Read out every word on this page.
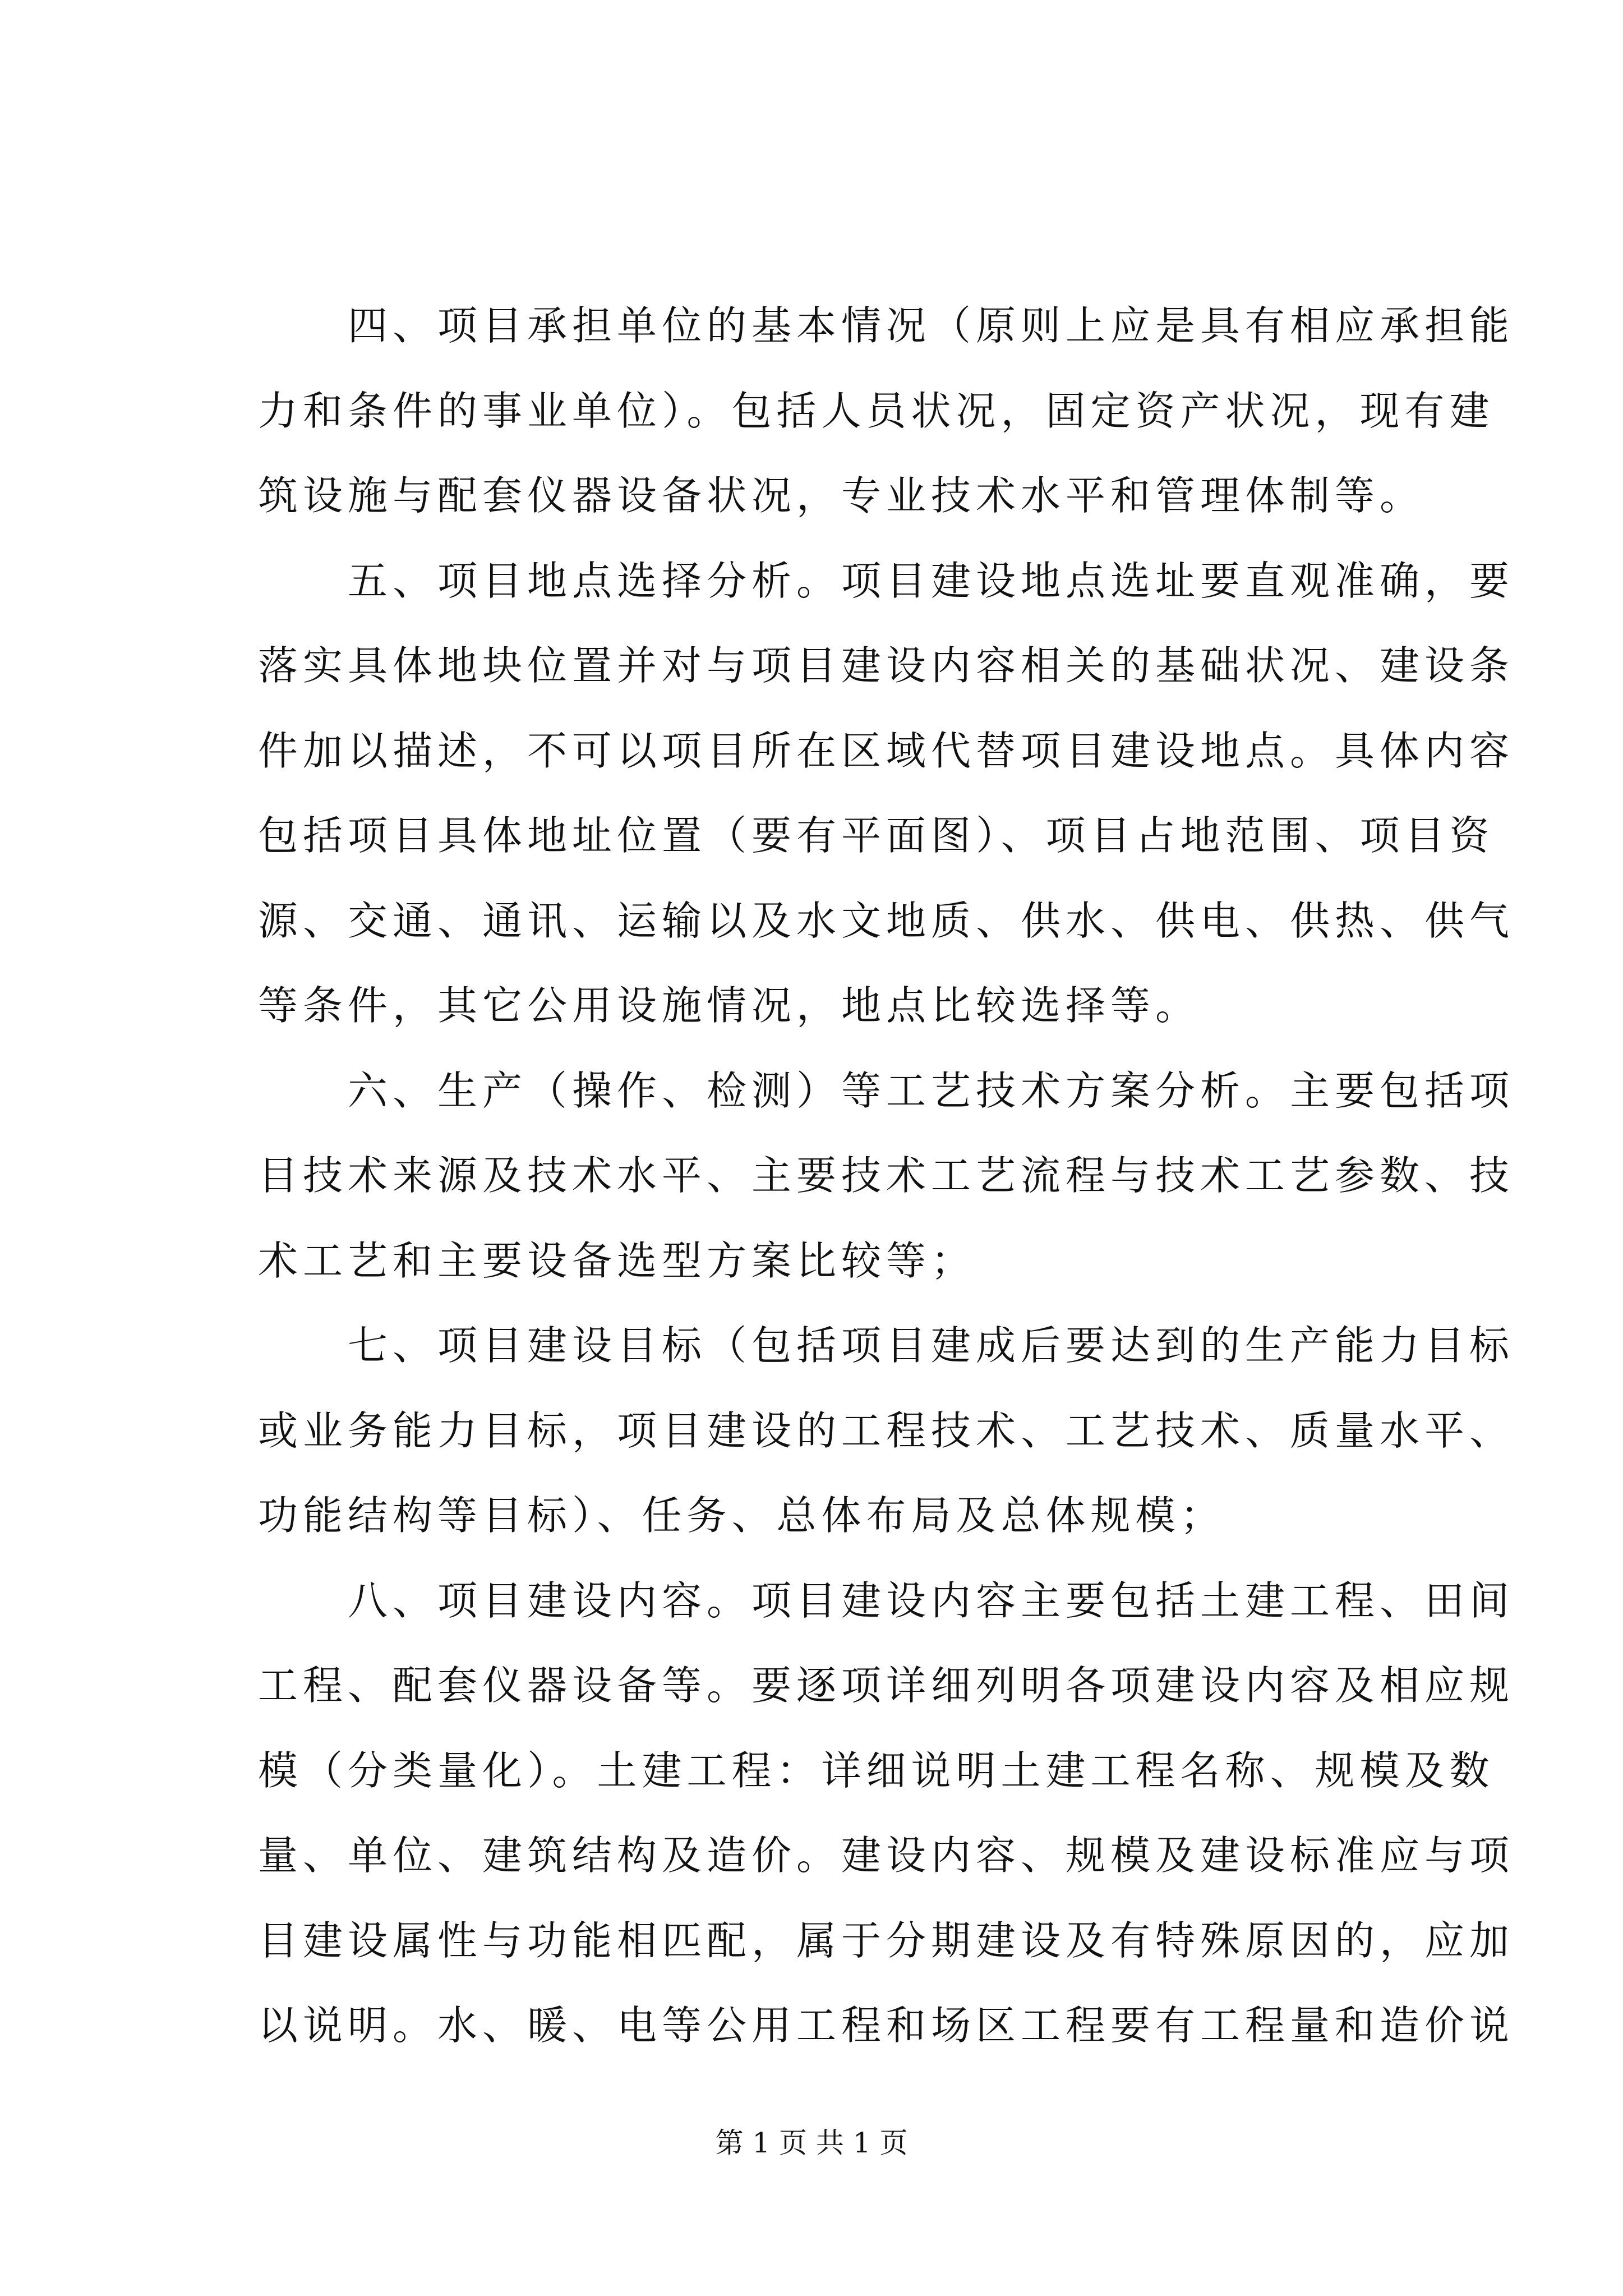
　　四、项目承担单位的基本情况（原则上应是具有相应承担能
力和条件的事业单位）。包括人员状况，固定资产状况，现有建
筑设施与配套仪器设备状况，专业技术水平和管理体制等。
　　五、项目地点选择分析。项目建设地点选址要直观准确，要
落实具体地块位置并对与项目建设内容相关的基础状况、建设条
件加以描述，不可以项目所在区域代替项目建设地点。具体内容
包括项目具体地址位置（要有平面图）、项目占地范围、项目资
源、交通、通讯、运输以及水文地质、供水、供电、供热、供气
等条件，其它公用设施情况，地点比较选择等。
　　六、生产（操作、检测）等工艺技术方案分析。主要包括项
目技术来源及技术水平、主要技术工艺流程与技术工艺参数、技
术工艺和主要设备选型方案比较等；
　　七、项目建设目标（包括项目建成后要达到的生产能力目标
或业务能力目标，项目建设的工程技术、工艺技术、质量水平、
功能结构等目标）、任务、总体布局及总体规模；
　　八、项目建设内容。项目建设内容主要包括土建工程、田间
工程、配套仪器设备等。要逐项详细列明各项建设内容及相应规
模（分类量化）。土建工程：详细说明土建工程名称、规模及数
量、单位、建筑结构及造价。建设内容、规模及建设标准应与项
目建设属性与功能相匹配，属于分期建设及有特殊原因的，应加
以说明。水、暖、电等公用工程和场区工程要有工程量和造价说
第 1 页 共 1 页
